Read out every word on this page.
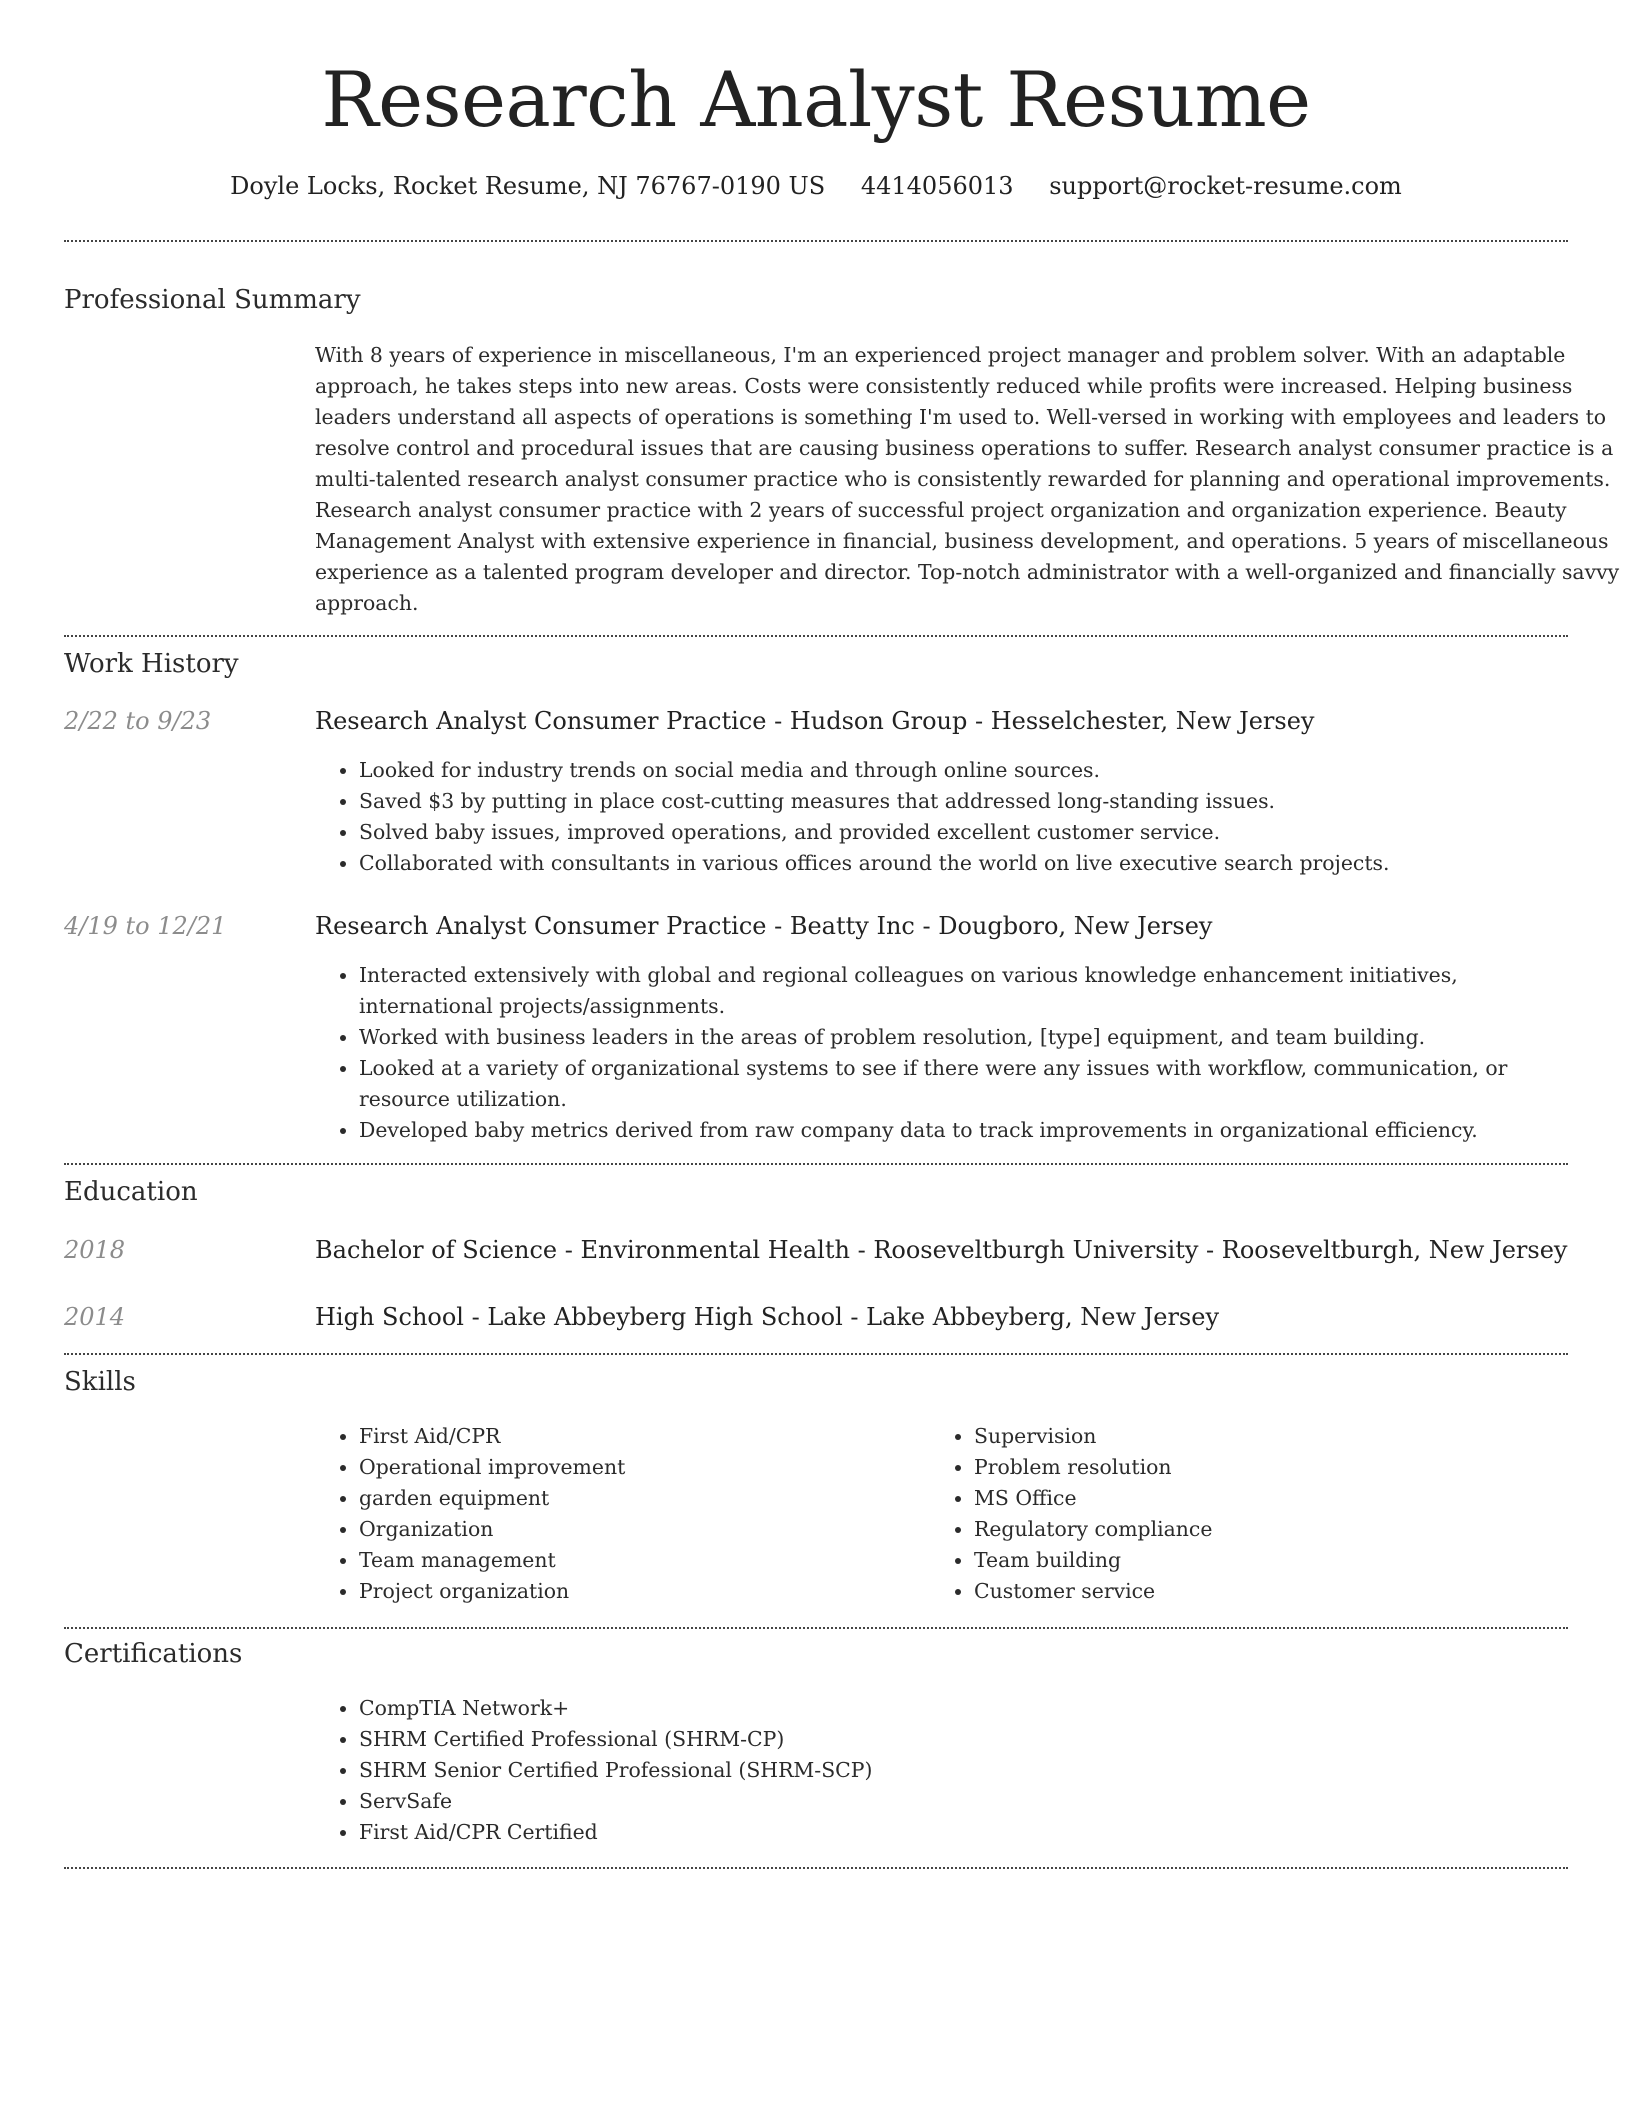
Research Analyst Resume
Doyle Locks, Rocket Resume, NJ 76767-0190 US 4414056013 support@rocket-resume.com
Professional Summary

With 8 years of experience in miscellaneous, I'm an experienced project manager and problem solver. With an adaptable approach, he takes steps into new areas. Costs were consistently reduced while profits were increased. Helping business leaders understand all aspects of operations is something I'm used to. Well-versed in working with employees and leaders to resolve control and procedural issues that are causing business operations to suffer. Research analyst consumer practice is a multi-talented research analyst consumer practice who is consistently rewarded for planning and operational improvements. Research analyst consumer practice with 2 years of successful project organization and organization experience. Beauty Management Analyst with extensive experience in financial, business development, and operations. 5 years of miscellaneous experience as a talented program developer and director. Top-notch administrator with a well-organized and financially savvy approach.

Work History
2/22 to 9/23	Research Analyst Consumer Practice - Hudson Group - Hesselchester, New Jersey
• Looked for industry trends on social media and through online sources.
• Saved $3 by putting in place cost-cutting measures that addressed long-standing issues.
• Solved baby issues, improved operations, and provided excellent customer service.
• Collaborated with consultants in various offices around the world on live executive search projects.
4/19 to 12/21	Research Analyst Consumer Practice - Beatty Inc - Dougboro, New Jersey
• Interacted extensively with global and regional colleagues on various knowledge enhancement initiatives, international projects/assignments.
• Worked with business leaders in the areas of problem resolution, [type] equipment, and team building.
• Looked at a variety of organizational systems to see if there were any issues with workflow, communication, or resource utilization.
• Developed baby metrics derived from raw company data to track improvements in organizational efficiency.
Education
2018	Bachelor of Science - Environmental Health - Rooseveltburgh University - Rooseveltburgh, New Jersey
2014	High School - Lake Abbeyberg High School - Lake Abbeyberg, New Jersey
Skills
• First Aid/CPR
• Operational improvement
• garden equipment
• Organization
• Team management
• Project organization
• Supervision
• Problem resolution
• MS Office
• Regulatory compliance
• Team building
• Customer service
Certifications
• CompTIA Network+
• SHRM Certified Professional (SHRM-CP)
• SHRM Senior Certified Professional (SHRM-SCP)
• ServSafe
• First Aid/CPR Certified
